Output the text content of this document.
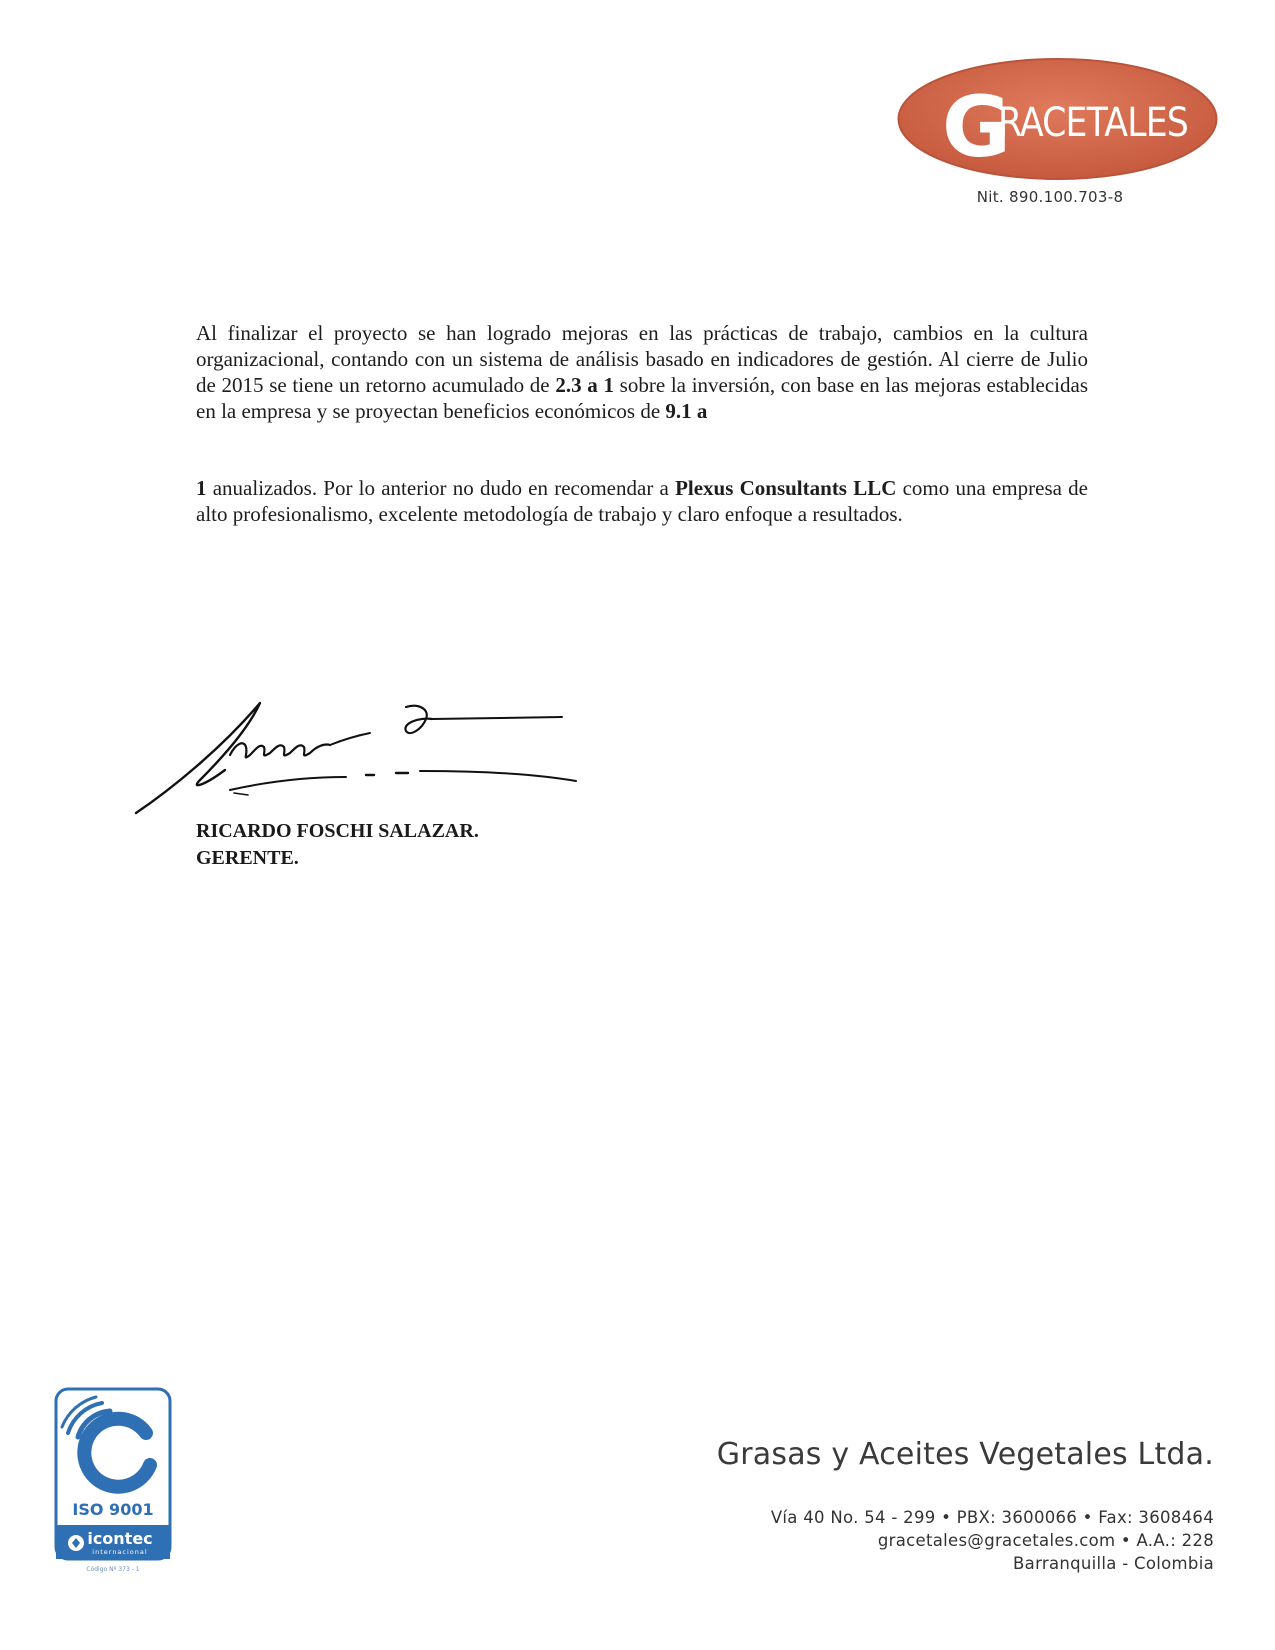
G
RACETALES
Nit. 890.100.703-8
Al finalizar el proyecto se han logrado mejoras en las prácticas de trabajo, cambios en la cultura organizacional, contando con un sistema de análisis basado en indicadores de gestión. Al cierre de Julio de 2015 se tiene un retorno acumulado de 2.3 a 1 sobre la inversión, con base en las mejoras establecidas en la empresa y se proyectan beneficios económicos de 9.1 a
1 anualizados. Por lo anterior no dudo en recomendar a Plexus Consultants LLC como una empresa de alto profesionalismo, excelente metodología de trabajo y claro enfoque a resultados.
RICARDO FOSCHI SALAZAR.
GERENTE.
ISO 9001
icontec
internacional
Código Nº 373 - 1
Grasas y Aceites Vegetales Ltda.
Vía 40 No. 54 - 299 • PBX: 3600066 • Fax: 3608464
gracetales@gracetales.com • A.A.: 228
Barranquilla - Colombia
